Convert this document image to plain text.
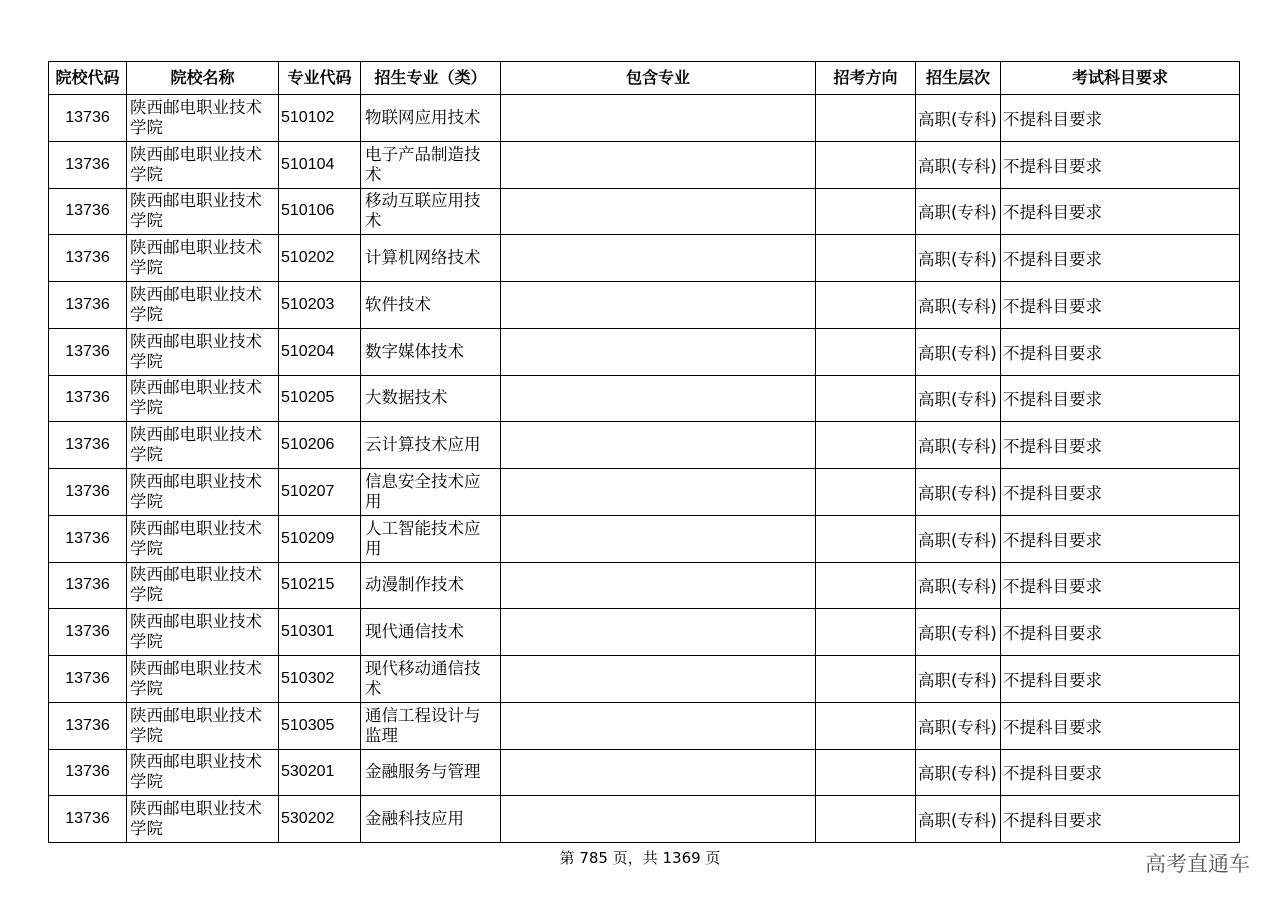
院校代码	院校名称	专业代码	招生专业（类）	包含专业	招考方向	招生层次	考试科目要求
13736	陕西邮电职业技术学院	510102	物联网应用技术			高职(专科)	不提科目要求
13736	陕西邮电职业技术学院	510104	电子产品制造技术			高职(专科)	不提科目要求
13736	陕西邮电职业技术学院	510106	移动互联应用技术			高职(专科)	不提科目要求
13736	陕西邮电职业技术学院	510202	计算机网络技术			高职(专科)	不提科目要求
13736	陕西邮电职业技术学院	510203	软件技术			高职(专科)	不提科目要求
13736	陕西邮电职业技术学院	510204	数字媒体技术			高职(专科)	不提科目要求
13736	陕西邮电职业技术学院	510205	大数据技术			高职(专科)	不提科目要求
13736	陕西邮电职业技术学院	510206	云计算技术应用			高职(专科)	不提科目要求
13736	陕西邮电职业技术学院	510207	信息安全技术应用			高职(专科)	不提科目要求
13736	陕西邮电职业技术学院	510209	人工智能技术应用			高职(专科)	不提科目要求
13736	陕西邮电职业技术学院	510215	动漫制作技术			高职(专科)	不提科目要求
13736	陕西邮电职业技术学院	510301	现代通信技术			高职(专科)	不提科目要求
13736	陕西邮电职业技术学院	510302	现代移动通信技术			高职(专科)	不提科目要求
13736	陕西邮电职业技术学院	510305	通信工程设计与监理			高职(专科)	不提科目要求
13736	陕西邮电职业技术学院	530201	金融服务与管理			高职(专科)	不提科目要求
13736	陕西邮电职业技术学院	530202	金融科技应用			高职(专科)	不提科目要求
第 785 页，共 1369 页	高考直通车
